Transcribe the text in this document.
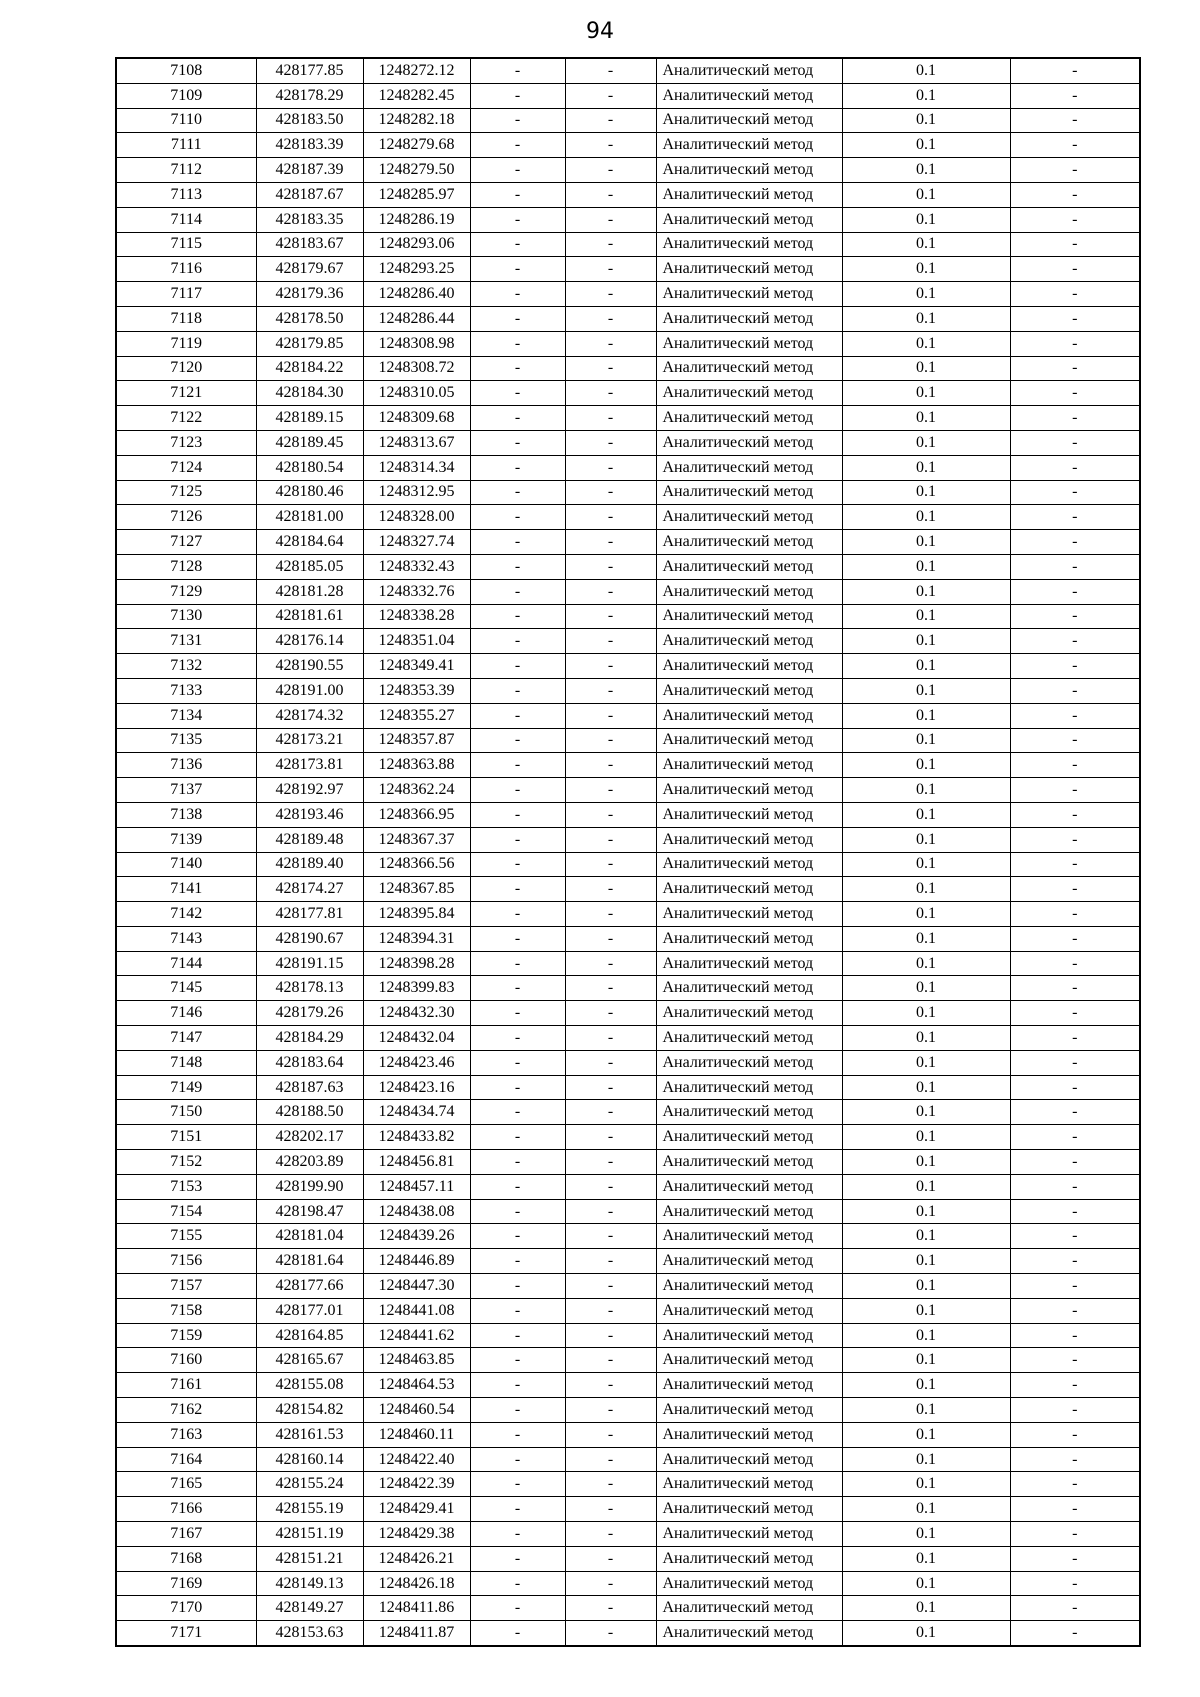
94
7108	428177.85	1248272.12	-	-	Аналитический метод	0.1	-
7109	428178.29	1248282.45	-	-	Аналитический метод	0.1	-
7110	428183.50	1248282.18	-	-	Аналитический метод	0.1	-
7111	428183.39	1248279.68	-	-	Аналитический метод	0.1	-
7112	428187.39	1248279.50	-	-	Аналитический метод	0.1	-
7113	428187.67	1248285.97	-	-	Аналитический метод	0.1	-
7114	428183.35	1248286.19	-	-	Аналитический метод	0.1	-
7115	428183.67	1248293.06	-	-	Аналитический метод	0.1	-
7116	428179.67	1248293.25	-	-	Аналитический метод	0.1	-
7117	428179.36	1248286.40	-	-	Аналитический метод	0.1	-
7118	428178.50	1248286.44	-	-	Аналитический метод	0.1	-
7119	428179.85	1248308.98	-	-	Аналитический метод	0.1	-
7120	428184.22	1248308.72	-	-	Аналитический метод	0.1	-
7121	428184.30	1248310.05	-	-	Аналитический метод	0.1	-
7122	428189.15	1248309.68	-	-	Аналитический метод	0.1	-
7123	428189.45	1248313.67	-	-	Аналитический метод	0.1	-
7124	428180.54	1248314.34	-	-	Аналитический метод	0.1	-
7125	428180.46	1248312.95	-	-	Аналитический метод	0.1	-
7126	428181.00	1248328.00	-	-	Аналитический метод	0.1	-
7127	428184.64	1248327.74	-	-	Аналитический метод	0.1	-
7128	428185.05	1248332.43	-	-	Аналитический метод	0.1	-
7129	428181.28	1248332.76	-	-	Аналитический метод	0.1	-
7130	428181.61	1248338.28	-	-	Аналитический метод	0.1	-
7131	428176.14	1248351.04	-	-	Аналитический метод	0.1	-
7132	428190.55	1248349.41	-	-	Аналитический метод	0.1	-
7133	428191.00	1248353.39	-	-	Аналитический метод	0.1	-
7134	428174.32	1248355.27	-	-	Аналитический метод	0.1	-
7135	428173.21	1248357.87	-	-	Аналитический метод	0.1	-
7136	428173.81	1248363.88	-	-	Аналитический метод	0.1	-
7137	428192.97	1248362.24	-	-	Аналитический метод	0.1	-
7138	428193.46	1248366.95	-	-	Аналитический метод	0.1	-
7139	428189.48	1248367.37	-	-	Аналитический метод	0.1	-
7140	428189.40	1248366.56	-	-	Аналитический метод	0.1	-
7141	428174.27	1248367.85	-	-	Аналитический метод	0.1	-
7142	428177.81	1248395.84	-	-	Аналитический метод	0.1	-
7143	428190.67	1248394.31	-	-	Аналитический метод	0.1	-
7144	428191.15	1248398.28	-	-	Аналитический метод	0.1	-
7145	428178.13	1248399.83	-	-	Аналитический метод	0.1	-
7146	428179.26	1248432.30	-	-	Аналитический метод	0.1	-
7147	428184.29	1248432.04	-	-	Аналитический метод	0.1	-
7148	428183.64	1248423.46	-	-	Аналитический метод	0.1	-
7149	428187.63	1248423.16	-	-	Аналитический метод	0.1	-
7150	428188.50	1248434.74	-	-	Аналитический метод	0.1	-
7151	428202.17	1248433.82	-	-	Аналитический метод	0.1	-
7152	428203.89	1248456.81	-	-	Аналитический метод	0.1	-
7153	428199.90	1248457.11	-	-	Аналитический метод	0.1	-
7154	428198.47	1248438.08	-	-	Аналитический метод	0.1	-
7155	428181.04	1248439.26	-	-	Аналитический метод	0.1	-
7156	428181.64	1248446.89	-	-	Аналитический метод	0.1	-
7157	428177.66	1248447.30	-	-	Аналитический метод	0.1	-
7158	428177.01	1248441.08	-	-	Аналитический метод	0.1	-
7159	428164.85	1248441.62	-	-	Аналитический метод	0.1	-
7160	428165.67	1248463.85	-	-	Аналитический метод	0.1	-
7161	428155.08	1248464.53	-	-	Аналитический метод	0.1	-
7162	428154.82	1248460.54	-	-	Аналитический метод	0.1	-
7163	428161.53	1248460.11	-	-	Аналитический метод	0.1	-
7164	428160.14	1248422.40	-	-	Аналитический метод	0.1	-
7165	428155.24	1248422.39	-	-	Аналитический метод	0.1	-
7166	428155.19	1248429.41	-	-	Аналитический метод	0.1	-
7167	428151.19	1248429.38	-	-	Аналитический метод	0.1	-
7168	428151.21	1248426.21	-	-	Аналитический метод	0.1	-
7169	428149.13	1248426.18	-	-	Аналитический метод	0.1	-
7170	428149.27	1248411.86	-	-	Аналитический метод	0.1	-
7171	428153.63	1248411.87	-	-	Аналитический метод	0.1	-
